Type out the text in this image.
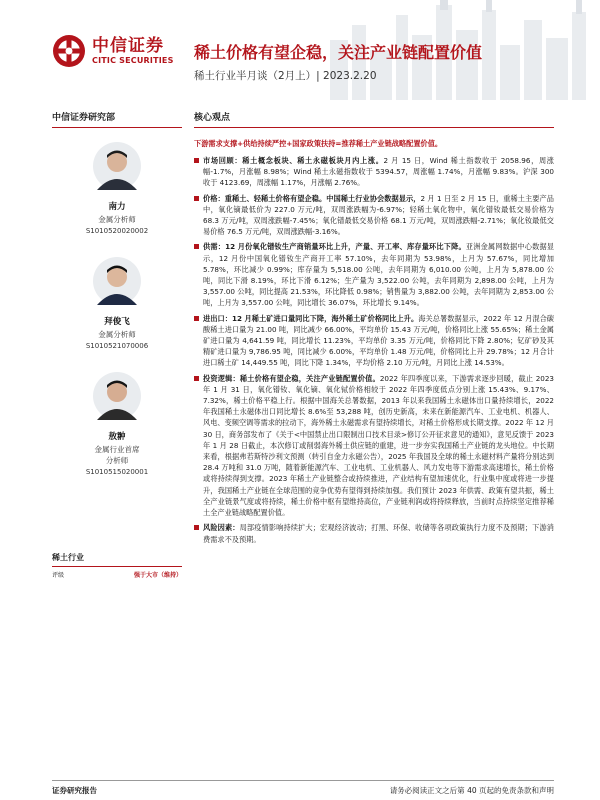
中信证券
CITIC SECURITIES 稀土价格有望企稳，关注产业链配置价值
稀土行业半月谈（2月上）| 2023.2.20
中信证券研究部
南力
金属分析师
S1010520020002
拜俊飞
金属分析师
S1010521070006
敖翀
金属行业首席
分析师
S1010515020001
稀土行业
评级	强于大市（维持）
核心观点
下游需求支撑+供给持续严控+国家政策扶持=推荐稀土产业链战略配置价值。
市场回顾：稀土概念板块、稀土永磁板块月内上涨。2 月 15 日，Wind 稀土指数收于 2058.96，周涨幅-1.7%，月涨幅 8.98%；Wind 稀土永磁指数收于 5394.57，周涨幅 1.74%，月涨幅 9.83%。沪深 300 收于 4123.69，周涨幅 1.17%，月涨幅 2.76%。
价格：重稀土、轻稀土价格有望企稳。中国稀土行业协会数据显示，2 月 1 日至 2 月 15 日，重稀土主要产品中，氧化镝最低价为 227.0 万元/吨，双周涨跌幅为-6.97%；轻稀土氧化物中，氧化镨钕最低交易价格为 68.3 万元/吨，双周涨跌幅-7.45%；氧化镨最低交易价格 68.1 万元/吨，双周涨跌幅-2.71%；氧化钕最低交易价格 76.5 万元/吨，双周涨跌幅-3.16%。
供需：12 月份氧化镨钕生产商销量环比上升，产量、开工率、库存量环比下降。亚洲金属网数据中心数据显示，12 月份中国氧化镨钕生产商开工率 57.10%，去年同期为 53.98%，上月为 57.67%，同比增加 5.78%，环比减少 0.99%；库存量为 5,518.00 公吨，去年同期为 6,010.00 公吨，上月为 5,878.00 公吨，同比下滑 8.19%，环比下滑 6.12%；生产量为 3,522.00 公吨，去年同期为 2,898.00 公吨，上月为 3,557.00 公吨，同比提高 21.53%，环比降低 0.98%；销售量为 3,882.00 公吨，去年同期为 2,853.00 公吨，上月为 3,557.00 公吨，同比增长 36.07%，环比增长 9.14%。
进出口：12 月稀土矿进口量同比下降，海外稀土矿价格同比上升。海关总署数据显示，2022 年 12 月混合碳酸稀土进口量为 21.00 吨，同比减少 66.00%，平均单价 15.43 万元/吨，价格同比上涨 55.65%；稀土金属矿进口量为 4,641.59 吨，同比增长 11.23%，平均单价 3.35 万元/吨，价格同比下降 2.80%；钇矿砂及其精矿进口量为 9,786.95 吨，同比减少 6.00%，平均单价 1.48 万元/吨，价格同比上升 29.78%；12 月合计进口稀土矿 14,449.55 吨，同比下降 1.34%，平均价格 2.10 万元/吨，月同比上涨 14.53%。
投资逻辑：稀土价格有望企稳，关注产业链配置价值。2022 年四季度以来，下游需求逐步回暖，截止 2023 年 1 月 31 日，氧化镨钕、氧化镝、氧化铽价格相较于 2022 年四季度低点分别上涨 15.43%、9.17%、7.32%，稀土价格平稳上行。根据中国海关总署数据，2013 年以来我国稀土永磁体出口量持续增长，2022 年我国稀土永磁体出口同比增长 8.6%至 53,288 吨，创历史新高，未来在新能源汽车、工业电机、机器人、风电、变频空调等需求的拉动下，海外稀土永磁需求有望持续增长，对稀土价格形成长期支撑。2022 年 12 月 30 日，商务部发布了《关于<中国禁止出口限制出口技术目录>修订公开征求意见的通知》，意见反馈于 2023 年 1 月 28 日截止，本次修订或削弱海外稀土供应链的重建，进一步夯实我国稀土产业链的龙头地位。中长期来看，根据弗若斯特沙利文预测（转引自金力永磁公告），2025 年我国及全球的稀土永磁材料产量将分别达到 28.4 万吨和 31.0 万吨，随着新能源汽车、工业电机、工业机器人、风力发电等下游需求高速增长，稀土价格或将持续得到支撑。2023 年稀土产业链整合或持续推进，产业结构有望加速优化，行业集中度或将进一步提升，我国稀土产业链在全球范围的竞争优势有望得到持续加强。我们预计 2023 年供需、政策有望共振，稀土全产业链景气度或将持续，稀土价格中枢有望维持高位，产业链利润或将持续释放，当前时点持续坚定推荐稀土全产业链战略配置价值。
风险因素：局部疫情影响持续扩大；宏观经济波动；打黑、环保、收储等各项政策执行力度不及预期；下游消费需求不及预期。
证券研究报告	请务必阅读正文之后第 40 页起的免责条款和声明
